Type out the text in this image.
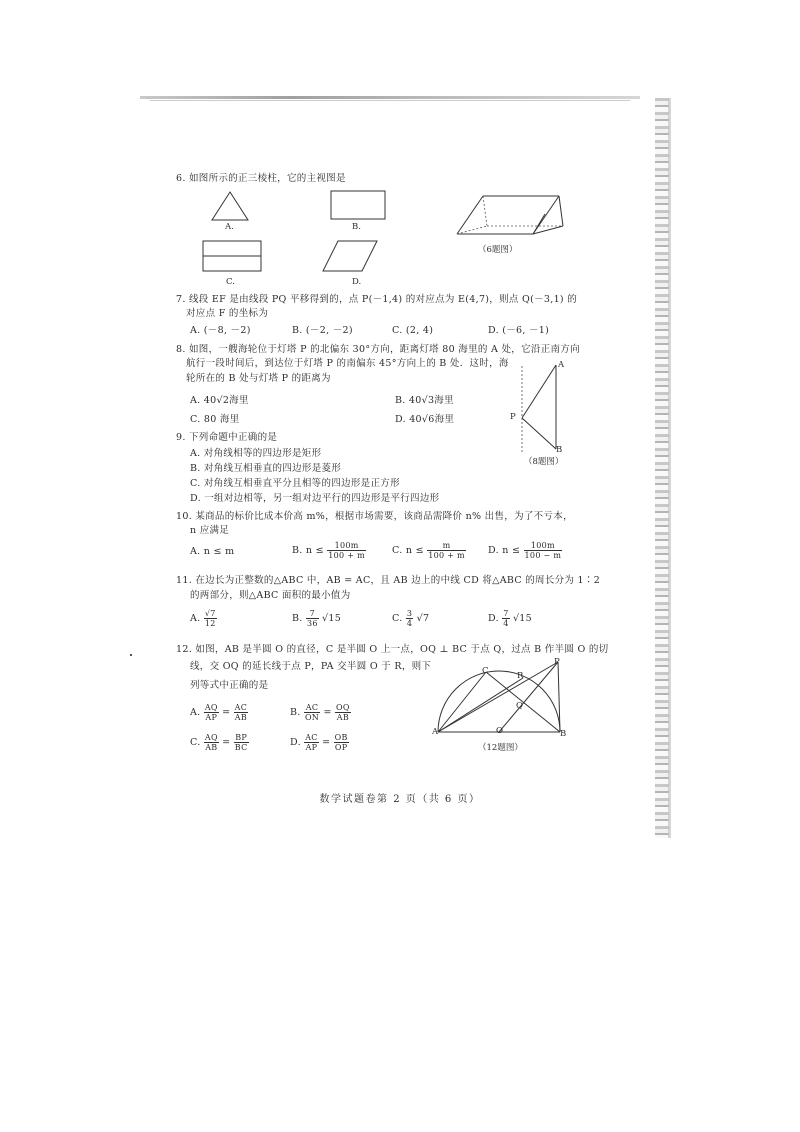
6. 如图所示的正三棱柱，它的主视图是
A.	B.
（6题图）
C.	D.
7. 线段 EF 是由线段 PQ 平移得到的，点 P(－1,4) 的对应点为 E(4,7)，则点 Q(－3,1) 的
对应点 F 的坐标为
A. (－8, －2)	B. (－2, －2)	C. (2, 4)	D. (－6, －1)
8. 如图，一艘海轮位于灯塔 P 的北偏东 30°方向，距离灯塔 80 海里的 A 处，它沿正南方向
航行一段时间后，到达位于灯塔 P 的南偏东 45°方向上的 B 处．这时，海
轮所在的 B 处与灯塔 P 的距离为
A. 40√2海里	B. 40√3海里
C. 80 海里	D. 40√6海里
A
P
B
（8题图）
9. 下列命题中正确的是
A. 对角线相等的四边形是矩形
B. 对角线互相垂直的四边形是菱形
C. 对角线互相垂直平分且相等的四边形是正方形
D. 一组对边相等，另一组对边平行的四边形是平行四边形
10. 某商品的标价比成本价高 m%，根据市场需要，该商品需降价 n% 出售，为了不亏本，
n 应满足
A. n ≤ m	B. $n \le \frac{100m}{100 + m}$	C. $n \le \frac{m}{100 + m} D$. $n \le \frac{100m}{100 - m}$
11. 在边长为正整数的△ABC 中，AB = AC，且 AB 边上的中线 CD 将△ABC 的周长分为 1∶2
的两部分，则△ABC 面积的最小值为
A. $\frac{√7}{12}$	B. $\frac{7}{36} √15$	C. $\frac{3}{4} √7$	D. $\frac{7}{4} √15$
12. 如图，AB 是半圆 O 的直径，C 是半圆 O 上一点，OQ ⊥ BC 于点 Q，过点 B 作半圆 O 的切
线，交 OQ 的延长线于点 P，PA 交半圆 O 于 R，则下
列等式中正确的是
A. $\frac{AQ}{AP} = \frac{AC}{AB}$	B. $\frac{AC}{ON} = \frac{OQ}{AB}$
C. $\frac{AQ}{AB} = \frac{BP}{BC}$	D. $\frac{AC}{AP} = \frac{OB}{OP}$
C	R
P
Q
A	O	B
（12题图）
数学试题卷第 2 页（共 6 页）
